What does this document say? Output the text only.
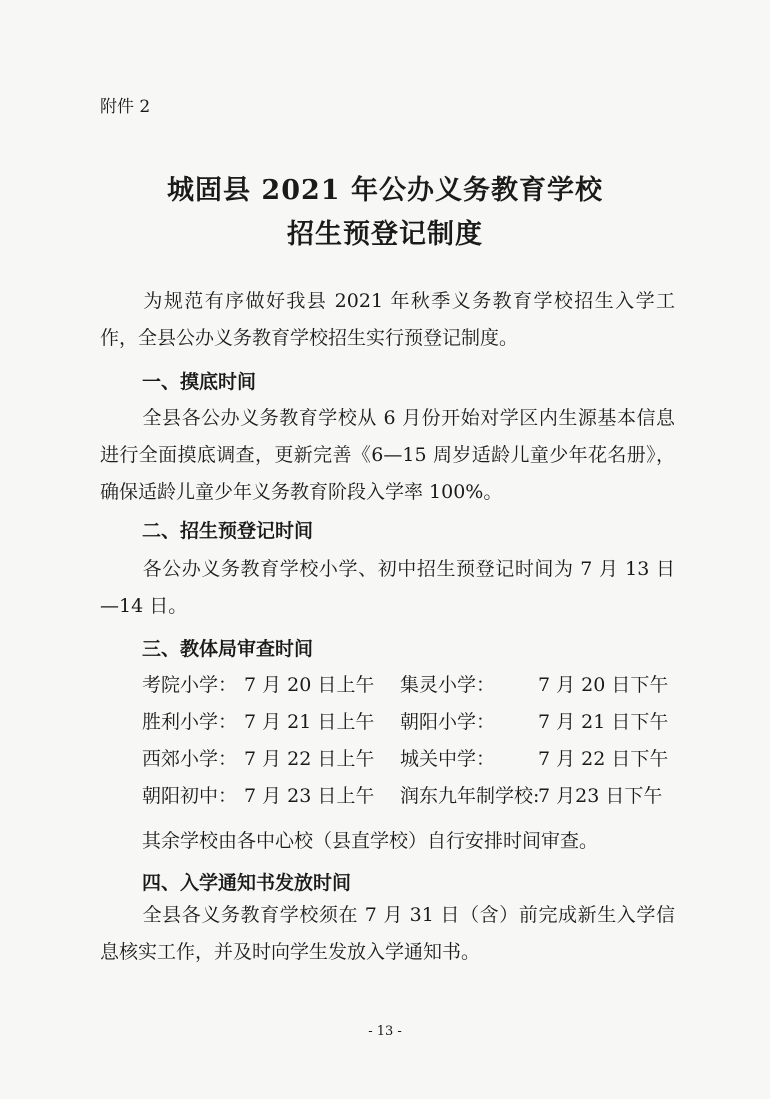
附件 2
城固县 2021 年公办义务教育学校
招生预登记制度
为规范有序做好我县 2021 年秋季义务教育学校招生入学工作，全县公办义务教育学校招生实行预登记制度。
一、摸底时间
全县各公办义务教育学校从 6 月份开始对学区内生源基本信息进行全面摸底调查，更新完善《6—15 周岁适龄儿童少年花名册》，确保适龄儿童少年义务教育阶段入学率 100%。
二、招生预登记时间
各公办义务教育学校小学、初中招生预登记时间为 7 月 13 日—14 日。
三、教体局审查时间
考院小学： 7 月 20 日上午 集灵小学： 7 月 20 日下午
胜利小学： 7 月 21 日上午 朝阳小学： 7 月 21 日下午
西郊小学： 7 月 22 日上午 城关中学： 7 月 22 日下午
朝阳初中： 7 月 23 日上午 润东九年制学校:
7 月23 日下午
其余学校由各中心校（县直学校）自行安排时间审查。
四、入学通知书发放时间
全县各义务教育学校须在 7 月 31 日（含）前完成新生入学信息核实工作，并及时向学生发放入学通知书。
- 13 -
